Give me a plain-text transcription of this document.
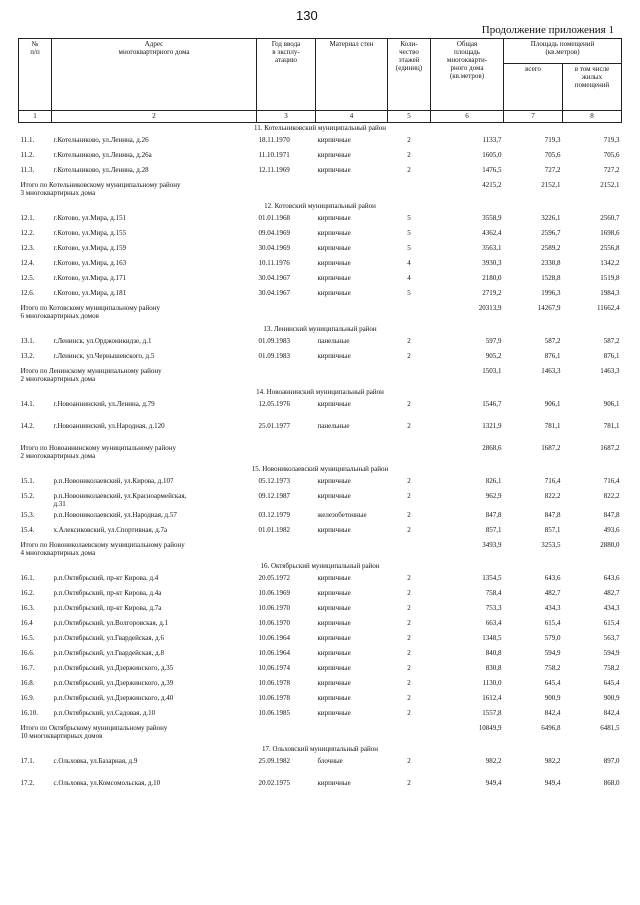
130
Продолжение приложения 1
№
п/п	Адрес
многоквартирного дома	Год ввода
в эксплу-
атацию	Материал стен	Коли-
чество
этажей
(единиц)	Общая
площадь
многокварти-
рного дома
(кв.метров)	Площадь помещений
(кв.метров)	
						всего	в том числе
жилых
помещений
1	2	3	4	5	6	7	8
11. Котельниковский муниципальный район							
11.1.	г.Котельниково, ул.Ленина, д.26	18.11.1970	кирпичные	2	1133,7	719,3	719,3
11.2.	г.Котельниково, ул.Ленина, д.26а	11.10.1971	кирпичные	2	1605,0	705,6	705,6
11.3.	г.Котельниково, ул.Ленина, д.28	12.11.1969	кирпичные	2	1476,5	727,2	727,2
Итого по Котельниковскому муниципальному району
3 многоквартирных дома					4215,2	2152,1	2152,1
12. Котовский муниципальный район							
12.1.	г.Котово, ул.Мира, д.151	01.01.1968	кирпичные	5	3558,9	3226,1	2560,7
12.2.	г.Котово, ул.Мира, д.155	09.04.1969	кирпичные	5	4362,4	2596,7	1698,6
12.3.	г.Котово, ул.Мира, д.159	30.04.1969	кирпичные	5	3563,1	2589,2	2556,8
12.4.	г.Котово, ул.Мира, д.163	10.11.1976	кирпичные	4	3930,3	2330,8	1342,2
12.5.	г.Котово, ул.Мира, д.171	30.04.1967	кирпичные	4	2180,0	1528,8	1519,8
12.6.	г.Котово, ул.Мира, д.181	30.04.1967	кирпичные	5	2719,2	1996,3	1984,3
Итого по Котовскому муниципальному району
6 многоквартирных домов					20313,9	14267,9	11662,4
13. Ленинский муниципальный район							
13.1.	г.Ленинск, ул.Орджоникидзе, д.1	01.09.1983	панельные	2	597,9	587,2	587,2
13.2.	г.Ленинск, ул.Чернышевского, д.5	01.09.1983	кирпичные	2	905,2	876,1	876,1
Итого по Ленинскому муниципальному району
2 многоквартирных дома					1503,1	1463,3	1463,3
14. Новоаннинский муниципальный район							
14.1.	г.Новоаннинский, ул.Ленина, д.79	12.05.1976	кирпичные	2	1546,7	906,1	906,1
14.2.	г.Новоаннинский, ул.Народная, д.120	25.01.1977	панельные	2	1321,9	781,1	781,1
Итого по Новоаннинскому муниципальному району
2 многоквартирных дома					2868,6	1687,2	1687,2
15. Новониколаевский муниципальный район							
15.1.	р.п.Новониколаевский, ул.Кирова, д.107	05.12.1973	кирпичные	2	826,1	716,4	716,4
15.2.	р.п.Новониколаевский, ул.Красноармейская,
д.31	09.12.1987	кирпичные	2	962,9	822,2	822,2
15.3.	р.п.Новониколаевский, ул.Народная, д.57	03.12.1979	железобетонные	2	847,8	847,8	847,8
15.4.	х.Алексиковский, ул.Спортивная, д.7а	01.01.1982	кирпичные	2	857,1	857,1	493,6
Итого по Новониколаевскому муниципальному району
4 многоквартирных дома					3493,9	3253,5	2880,0
16. Октябрьский муниципальный район							
16.1.	р.п.Октябрьский, пр-кт Кирова, д.4	20.05.1972	кирпичные	2	1354,5	643,6	643,6
16.2.	р.п.Октябрьский, пр-кт Кирова, д.4а	10.06.1969	кирпичные	2	758,4	482,7	482,7
16.3.	р.п.Октябрьский, пр-кт Кирова, д.7а	10.06.1970	кирпичные	2	753,3	434,3	434,3
16.4	р.п.Октябрьский, ул.Волгоровская, д.1	10.06.1970	кирпичные	2	663,4	615,4	615,4
16.5.	р.п.Октябрьский, ул.Гвардейская, д.6	10.06.1964	кирпичные	2	1348,5	579,0	563,7
16.6.	р.п.Октябрьский, ул.Гвардейская, д.8	10.06.1964	кирпичные	2	840,8	594,9	594,9
16.7.	р.п.Октябрьский, ул.Дзержинского, д.35	10.06.1974	кирпичные	2	830,8	758,2	758,2
16.8.	р.п.Октябрьский, ул.Дзержинского, д.39	10.06.1978	кирпичные	2	1130,0	645,4	645,4
16.9.	р.п.Октябрьский, ул.Дзержинского, д.40	10.06.1978	кирпичные	2	1612,4	900,9	900,9
16.10.	р.п.Октябрьский, ул.Садовая, д.10	10.06.1985	кирпичные	2	1557,8	842,4	842,4
Итого по Октябрьскому муниципальному району
10 многоквартирных домов					10849,9	6496,8	6481,5
17. Ольховский муниципальный район							
17.1.	с.Ольховка, ул.Базарная, д.9	25.09.1982	блочные	2	982,2	982,2	897,0
17.2.	с.Ольховка, ул.Комсомольская, д.10	20.02.1975	кирпичные	2	949,4	949,4	868,0
